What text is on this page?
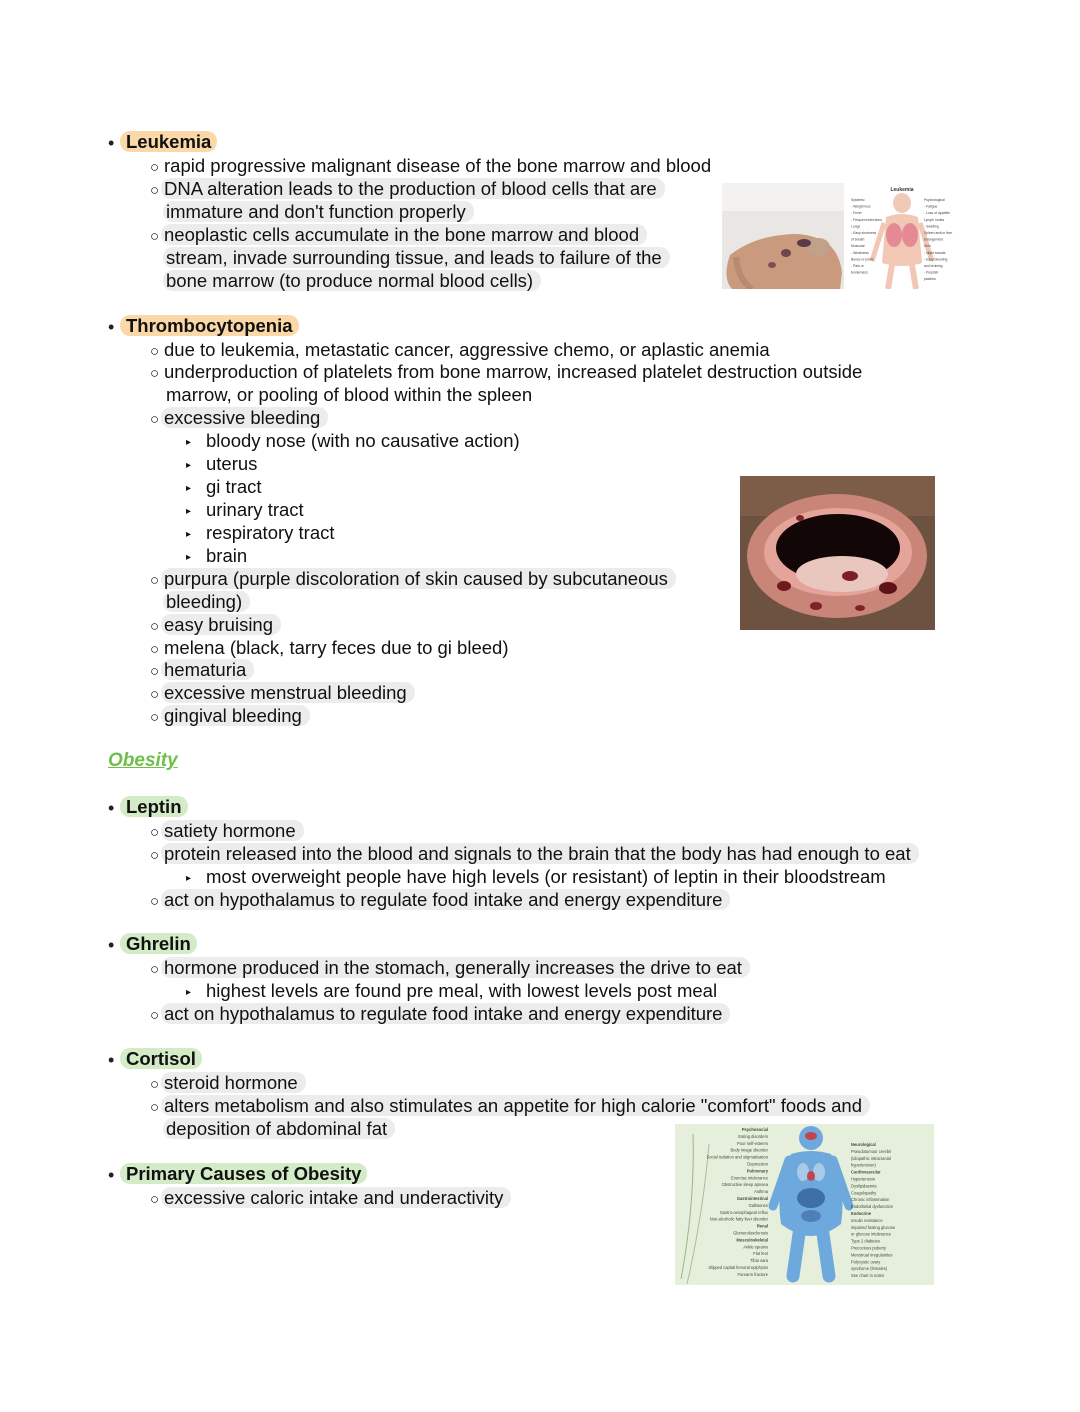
• Leukemia
○ rapid progressive malignant disease of the bone marrow and blood
○ DNA alteration leads to the production of blood cells that are
immature and don't function properly
○ neoplastic cells accumulate in the bone marrow and blood
stream, invade surrounding tissue, and leads to failure of the
bone marrow (to produce normal blood cells)
Leukemia
Systemic
- Weight loss
- Fever
- Frequent infections
Lungs
- Easy shortness
of breath
Muscular
- Weakness
Bones or joints
- Pain or
tenderness
Psychological
- Fatigue
- Loss of appetite
Lymph nodes
- Swelling
Spleen and/or liver
Enlargement
Skin
- Night sweats
- Easy bleeding
and bruising
- Purplish
patches
• Thrombocytopenia
○ due to leukemia, metastatic cancer, aggressive chemo, or aplastic anemia
○ underproduction of platelets from bone marrow, increased platelet destruction outside
marrow, or pooling of blood within the spleen
○ excessive bleeding
▸ bloody nose (with no causative action)
▸ uterus
▸ gi tract
▸ urinary tract
▸ respiratory tract
▸ brain
○ purpura (purple discoloration of skin caused by subcutaneous
bleeding)
○ easy bruising
○ melena (black, tarry feces due to gi bleed)
○ hematuria
○ excessive menstrual bleeding
○ gingival bleeding
Obesity
• Leptin
○ satiety hormone
○ protein released into the blood and signals to the brain that the body has had enough to eat
▸ most overweight people have high levels (or resistant) of leptin in their bloodstream
○ act on hypothalamus to regulate food intake and energy expenditure
• Ghrelin
○ hormone produced in the stomach, generally increases the drive to eat
▸ highest levels are found pre meal, with lowest levels post meal
○ act on hypothalamus to regulate food intake and energy expenditure
• Cortisol
○ steroid hormone
○ alters metabolism and also stimulates an appetite for high calorie "comfort" foods and
deposition of abdominal fat
• Primary Causes of Obesity
○ excessive caloric intake and underactivity
Psychosocial
Eating disorders
Poor self-esteem
Body image disorder
Social isolation and stigmatisation
Depression
Pulmonary
Exercise intolerance
Obstructive sleep apnoea
Asthma
Gastrointestinal
Gallstones
Gastro-oesophageal reflux
Non-alcoholic fatty liver disorder
Renal
Glomerulosclerosis
Musculoskeletal
Ankle sprains
Flat feet
Tibia vara
Slipped capital femoral epiphysis
Forearm fracture
Neurological
Pseudotumour cerebri
(idiopathic intracranial
hypertension)
Cardiovascular
Hypertension
Dyslipidaemia
Coagulopathy
Chronic inflammation
Endothelial dysfunction
Endocrine
Insulin resistance
impaired fasting glucose
or glucose intolerance
Type 2 diabetes
Precocious puberty
Menstrual irregularities
Polycystic ovary
syndrome (females)
See chart in notes
